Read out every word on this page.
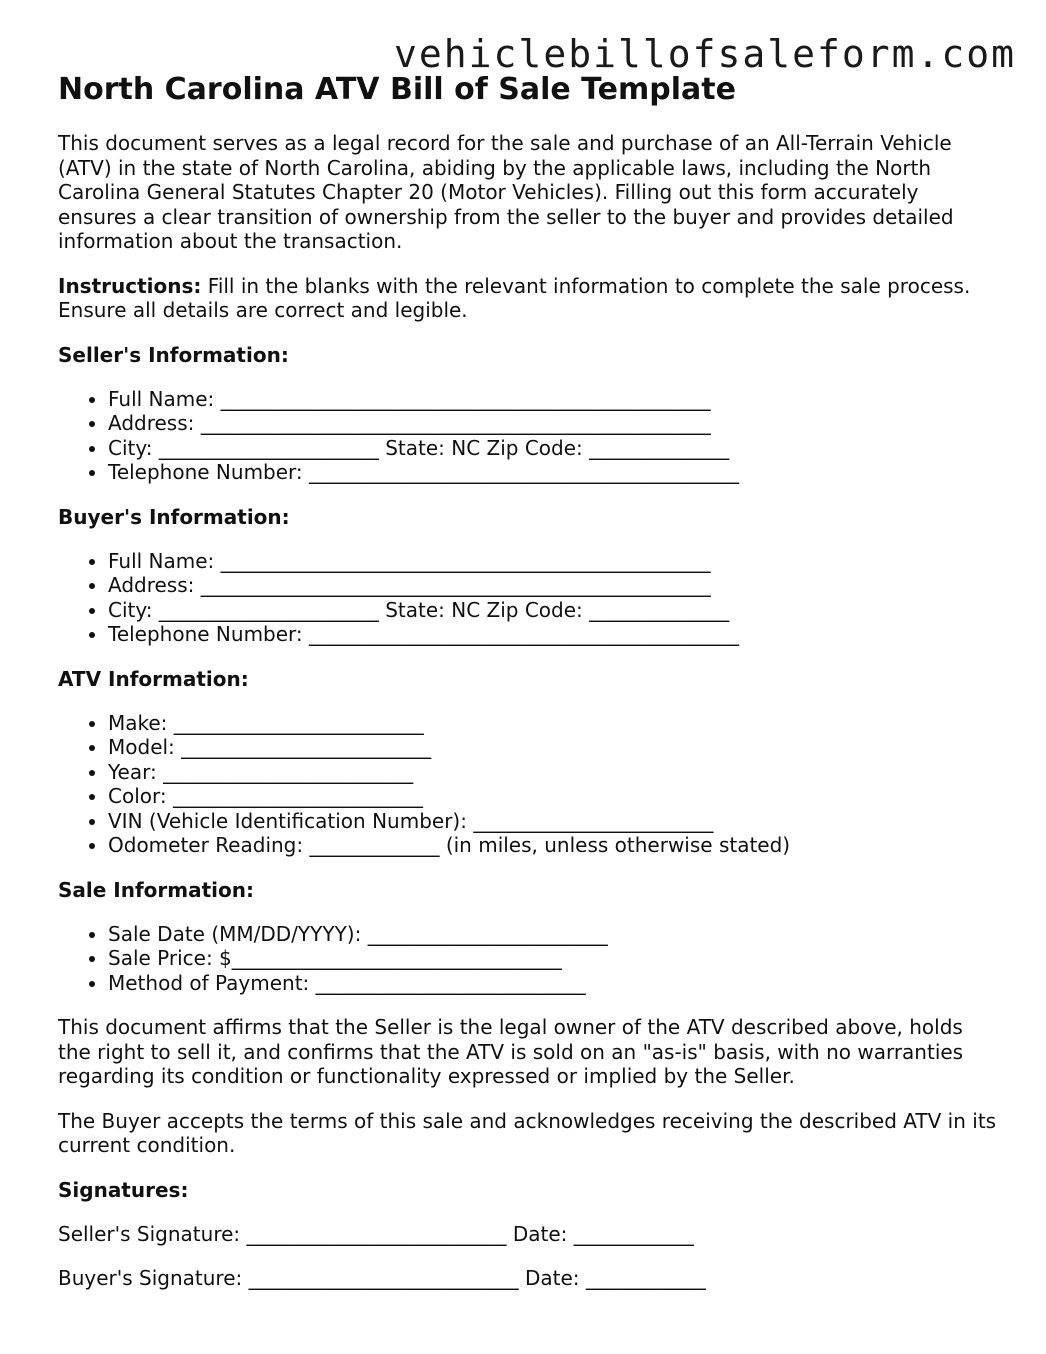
vehiclebillofsaleform.com
North Carolina ATV Bill of Sale Template

This document serves as a legal record for the sale and purchase of an All-Terrain Vehicle (ATV) in the state of North Carolina, abiding by the applicable laws, including the North Carolina General Statutes Chapter 20 (Motor Vehicles). Filling out this form accurately ensures a clear transition of ownership from the seller to the buyer and provides detailed information about the transaction.

Instructions: Fill in the blanks with the relevant information to complete the sale process. Ensure all details are correct and legible.

Seller's Information:
• Full Name: _________________________________________________
• Address: ___________________________________________________
• City: ______________________ State: NC Zip Code: ______________
• Telephone Number: ___________________________________________
Buyer's Information:
• Full Name: _________________________________________________
• Address: ___________________________________________________
• City: ______________________ State: NC Zip Code: ______________
• Telephone Number: ___________________________________________
ATV Information:
• Make: _________________________
• Model: _________________________
• Year: _________________________
• Color: _________________________
• VIN (Vehicle Identification Number): ________________________
• Odometer Reading: _____________ (in miles, unless otherwise stated)
Sale Information:
• Sale Date (MM/DD/YYYY): ________________________
• Sale Price: $_________________________________
• Method of Payment: ___________________________

This document affirms that the Seller is the legal owner of the ATV described above, holds the right to sell it, and confirms that the ATV is sold on an "as-is" basis, with no warranties regarding its condition or functionality expressed or implied by the Seller.

The Buyer accepts the terms of this sale and acknowledges receiving the described ATV in its current condition.

Signatures:
Seller's Signature: __________________________ Date: ____________
Buyer's Signature: ___________________________ Date: ____________
